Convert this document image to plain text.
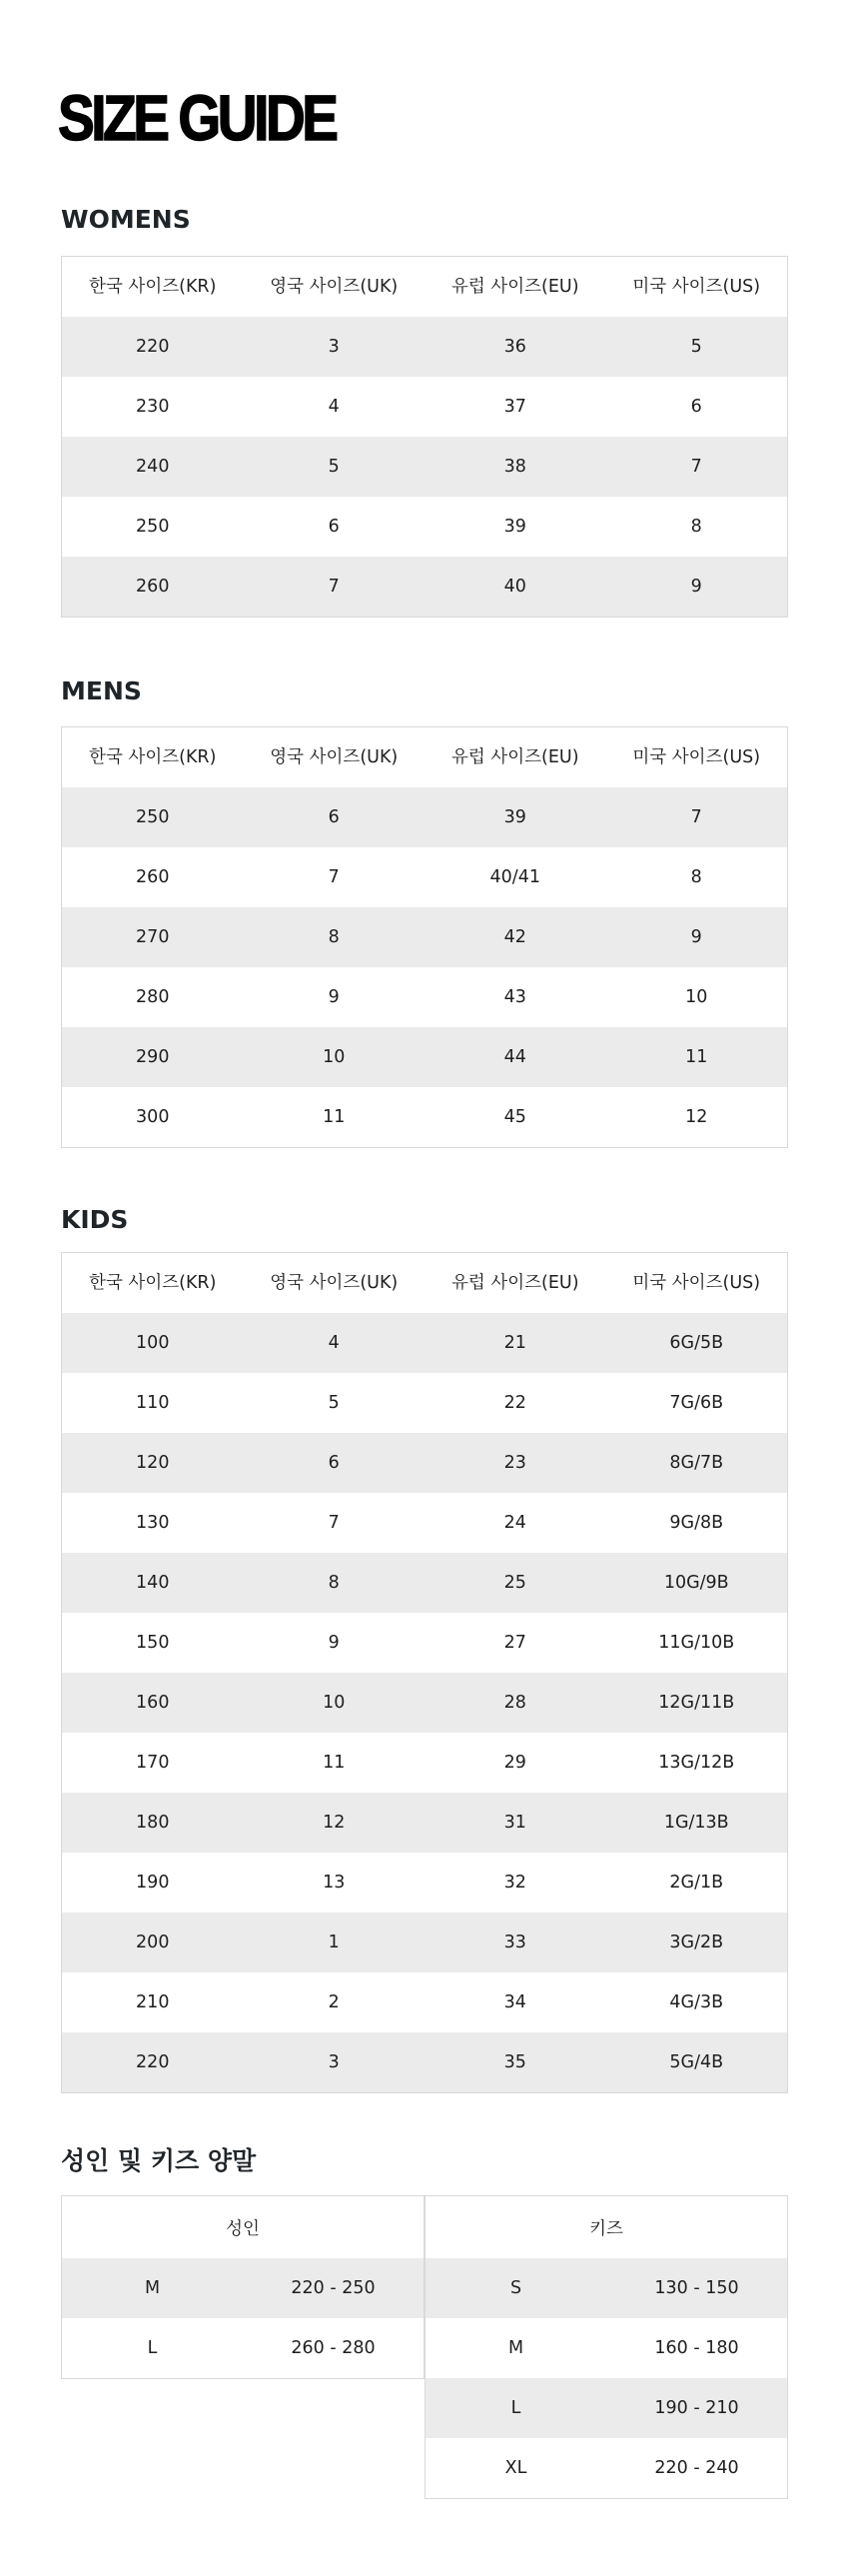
SIZE GUIDE
WOMENS
한국 사이즈(KR)	영국 사이즈(UK)	유럽 사이즈(EU)	미국 사이즈(US)
220	3	36	5
230	4	37	6
240	5	38	7
250	6	39	8
260	7	40	9
MENS
한국 사이즈(KR)	영국 사이즈(UK)	유럽 사이즈(EU)	미국 사이즈(US)
250	6	39	7
260	7	40/41	8
270	8	42	9
280	9	43	10
290	10	44	11
300	11	45	12
KIDS
한국 사이즈(KR)	영국 사이즈(UK)	유럽 사이즈(EU)	미국 사이즈(US)
100	4	21	6G/5B
110	5	22	7G/6B
120	6	23	8G/7B
130	7	24	9G/8B
140	8	25	10G/9B
150	9	27	11G/10B
160	10	28	12G/11B
170	11	29	13G/12B
180	12	31	1G/13B
190	13	32	2G/1B
200	1	33	3G/2B
210	2	34	4G/3B
220	3	35	5G/4B
성인 및 키즈 양말
성인
M	220 - 250
L	260 - 280
키즈
S	130 - 150
M	160 - 180
L	190 - 210
XL	220 - 240
